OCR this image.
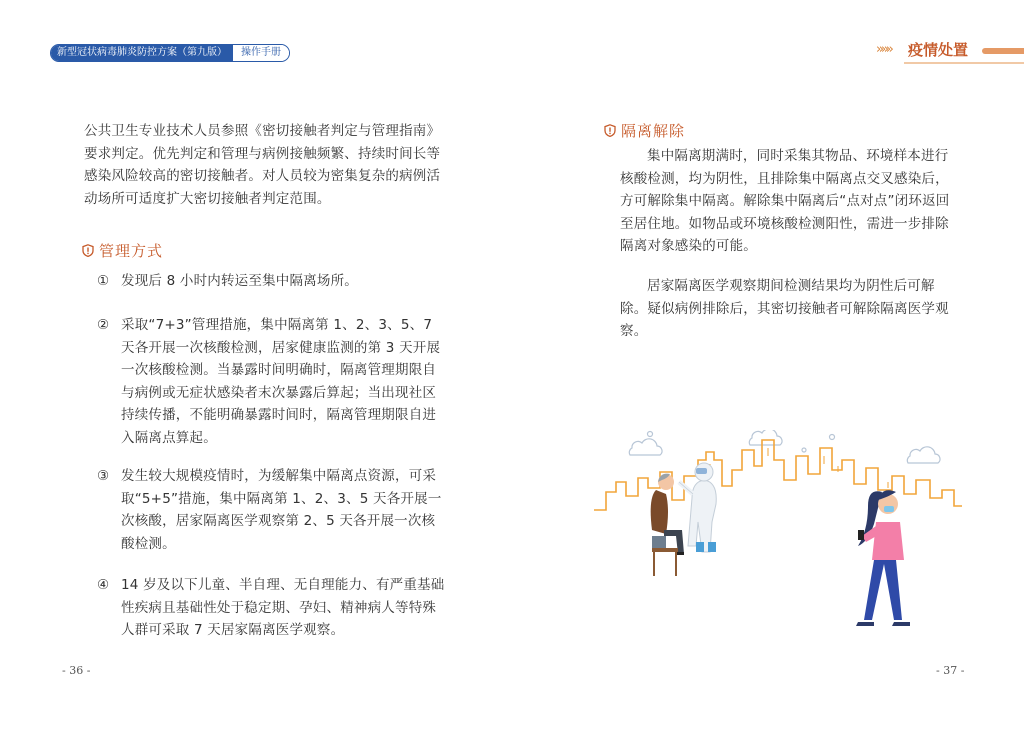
新型冠状病毒肺炎防控方案（第九版）	操作手册	»»» 疫情处置
公共卫生专业技术人员参照《密切接触者判定与管理指南》要求判定。优先判定和管理与病例接触频繁、持续时间长等感染风险较高的密切接触者。对人员较为密集复杂的病例活动场所可适度扩大密切接触者判定范围。
管理方式
① 发现后 8 小时内转运至集中隔离场所。
② 采取“7+3”管理措施，集中隔离第 1、2、3、5、7 天各开展一次核酸检测，居家健康监测的第 3 天开展一次核酸检测。当暴露时间明确时，隔离管理期限自与病例或无症状感染者末次暴露后算起；当出现社区持续传播，不能明确暴露时间时，隔离管理期限自进入隔离点算起。
③ 发生较大规模疫情时，为缓解集中隔离点资源，可采取“5+5”措施，集中隔离第 1、2、3、5 天各开展一次核酸，居家隔离医学观察第 2、5 天各开展一次核酸检测。
④ 14 岁及以下儿童、半自理、无自理能力、有严重基础性疾病且基础性处于稳定期、孕妇、精神病人等特殊人群可采取 7 天居家隔离医学观察。
- 36 -
隔离解除
集中隔离期满时，同时采集其物品、环境样本进行核酸检测，均为阴性，且排除集中隔离点交叉感染后，方可解除集中隔离。解除集中隔离后“点对点”闭环返回至居住地。如物品或环境核酸检测阳性，需进一步排除隔离对象感染的可能。
居家隔离医学观察期间检测结果均为阴性后可解除。疑似病例排除后，其密切接触者可解除隔离医学观察。
- 37 -
